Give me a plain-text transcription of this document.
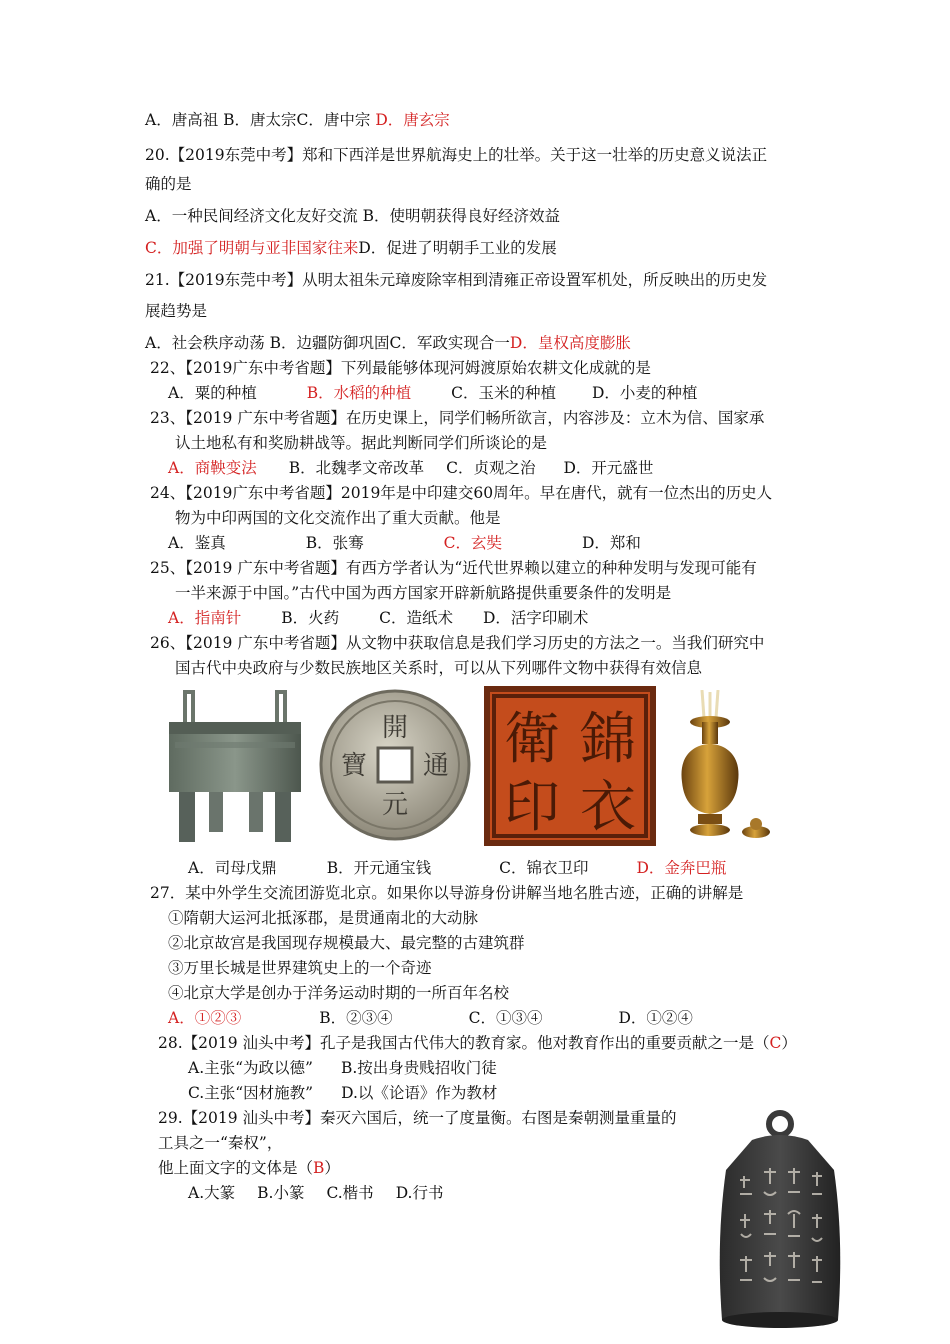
A．唐高祖 B．唐太宗C．唐中宗 D．唐玄宗
20.【2019东莞中考】郑和下西洋是世界航海史上的壮举。关于这一壮举的历史意义说法正
确的是
A．一种民间经济文化友好交流 B．使明朝获得良好经济效益
C．加强了明朝与亚非国家往来D．促进了明朝手工业的发展
21.【2019东莞中考】从明太祖朱元璋废除宰相到清雍正帝设置军机处，所反映出的历史发
展趋势是
A．社会秩序动荡 B．边疆防御巩固C．军政实现合一D．皇权高度膨胀
22、【2019广东中考省题】下列最能够体现河姆渡原始农耕文化成就的是
A．粟的种植	B．水稻的种植	C．玉米的种植 D．小麦的种植
23、【2019 广东中考省题】在历史课上，同学们畅所欲言，内容涉及：立木为信、国家承
认土地私有和奖励耕战等。据此判断同学们所谈论的是
A．商鞅变法 B．北魏孝文帝改革 C．贞观之治 D．开元盛世
24、【2019广东中考省题】2019年是中印建交60周年。早在唐代，就有一位杰出的历史人
物为中印两国的文化交流作出了重大贡献。他是
A．鉴真	B．张骞	C．玄奘	D．郑和
25、【2019 广东中考省题】有西方学者认为“近代世界赖以建立的种种发明与发现可能有
一半来源于中国。”古代中国为西方国家开辟新航路提供重要条件的发明是
A．指南针	B．火药	C．造纸术 D．活字印刷术
26、【2019 广东中考省题】从文物中获取信息是我们学习历史的方法之一。当我们研究中
国古代中央政府与少数民族地区关系时，可以从下列哪件文物中获得有效信息
開
元
通
寶	錦
衣
衛
印
A．司母戊鼎	B．开元通宝钱	C．锦衣卫印	D．金奔巴瓶
27．某中外学生交流团游览北京。如果你以导游身份讲解当地名胜古迹，正确的讲解是
①隋朝大运河北抵涿郡，是贯通南北的大动脉
②北京故宫是我国现存规模最大、最完整的古建筑群
③万里长城是世界建筑史上的一个奇迹
④北京大学是创办于洋务运动时期的一所百年名校
A．①②③	B．②③④	C．①③④	D．①②④
28.【2019 汕头中考】孔子是我国古代伟大的教育家。他对教育作出的重要贡献之一是（C）
A.主张“为政以德” B.按出身贵贱招收门徒
C.主张“因材施教” D.以《论语》作为教材
29.【2019 汕头中考】秦灭六国后，统一了度量衡。右图是秦朝测量重量的
工具之一“秦权”，
他上面文字的文体是（B）
A.大篆 B.小篆 C.楷书 D.行书
